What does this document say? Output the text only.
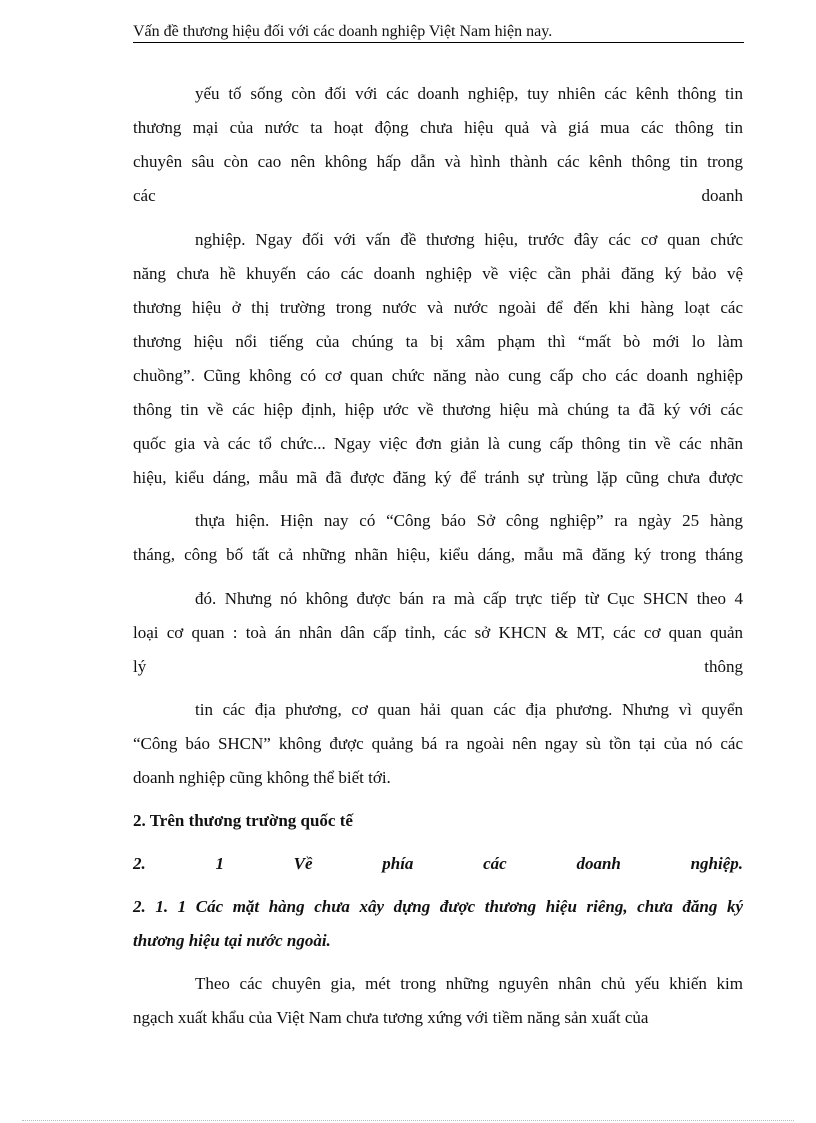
Vấn đề thương hiệu đối với các doanh nghiệp Việt Nam hiện nay.
yếu tố sống còn đối với các doanh nghiệp, tuy nhiên các kênh thông tin
thương mại của nước ta hoạt động chưa hiệu quả và giá mua các thông tin
chuyên sâu còn cao nên không hấp dẫn và hình thành các kênh thông tin trong
các	doanh
nghiệp. Ngay đối với vấn đề thương hiệu, trước đây các cơ quan chức
năng chưa hề khuyến cáo các doanh nghiệp về việc cần phải đăng ký bảo vệ
thương hiệu ở thị trường trong nước và nước ngoài để đến khi hàng loạt các
thương hiệu nổi tiếng của chúng ta bị xâm phạm thì “mất bò mới lo làm
chuồng”. Cũng không có cơ quan chức năng nào cung cấp cho các doanh nghiệp
thông tin về các hiệp định, hiệp ước về thương hiệu mà chúng ta đã ký với các
quốc gia và các tổ chức... Ngay việc đơn giản là cung cấp thông tin về các nhãn
hiệu, kiểu dáng, mẫu mã đã được đăng ký để tránh sự trùng lặp cũng chưa được
thựa hiện. Hiện nay có “Công báo Sở công nghiệp” ra ngày 25 hàng
tháng, công bố tất cả những nhãn hiệu, kiểu dáng, mẫu mã đăng ký trong tháng
đó. Nhưng nó không được bán ra mà cấp trực tiếp từ Cục SHCN theo 4
loại cơ quan : toà án nhân dân cấp tỉnh, các sở KHCN & MT, các cơ quan quản
lý	thông
tin các địa phương, cơ quan hải quan các địa phương. Nhưng vì quyển
“Công báo SHCN” không được quảng bá ra ngoài nên ngay sù tồn tại của nó các
doanh nghiệp cũng không thể biết tới.
2. Trên thương trường quốc tế
2.	1	Về	phía	các	doanh	nghiệp.
2. 1. 1 Các mặt hàng chưa xây dựng được thương hiệu riêng, chưa đăng ký
thương hiệu tại nước ngoài.
Theo các chuyên gia, mét trong những nguyên nhân chủ yếu khiến kim
ngạch xuất khẩu của Việt Nam chưa tương xứng với tiềm năng sản xuất của
